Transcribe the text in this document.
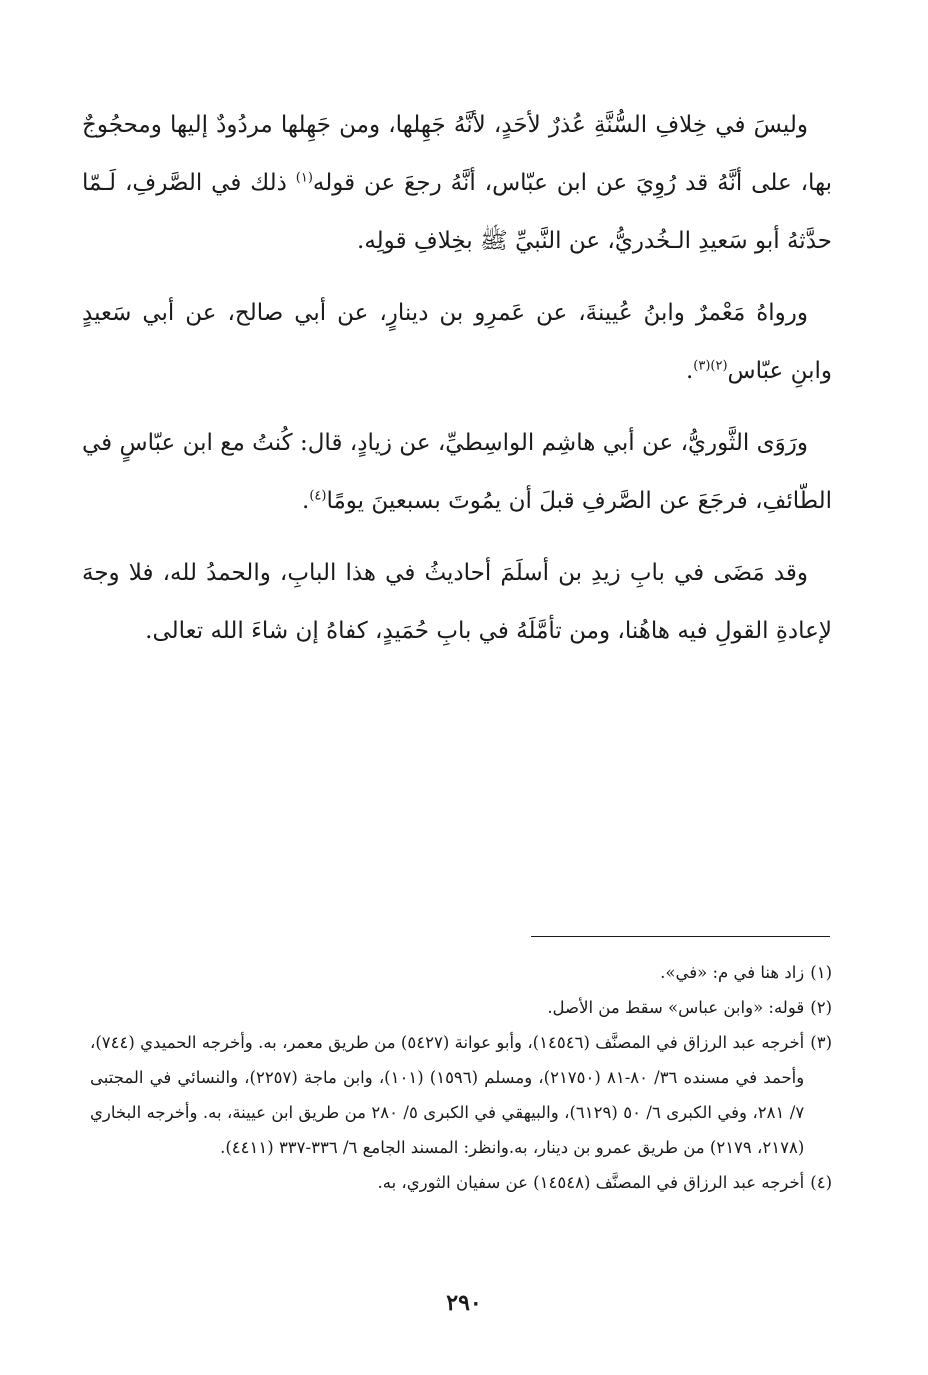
وليسَ في خِلافِ السُّنَّةِ عُذرٌ لأحَدٍ، لأنَّهُ جَهِلها، ومن جَهِلها مردُودٌ إليها ومحجُوجٌ بها، على أنَّهُ قد رُوِيَ عن ابن عبّاس، أنَّهُ رجعَ عن قوله$^{(١)}$ ذلك في الصَّرفِ، لَـمّا حدَّثهُ أبو سَعيدِ الـخُدريُّ، عن النَّبيِّ ﷺ بخِلافِ قولِه.

ورواهُ مَعْمرٌ وابنُ عُيينةَ، عن عَمرِو بن دينارٍ، عن أبي صالح، عن أبي سَعيدٍ وابنِ عبّاس$^{(٢)(٣)}$.

ورَوَى الثَّوريُّ، عن أبي هاشِم الواسِطيِّ، عن زيادٍ، قال: كُنتُ مع ابن عبّاسٍ في الطّائفِ، فرجَعَ عن الصَّرفِ قبلَ أن يمُوتَ بسبعينَ يومًا$^{(٤)}$.

وقد مَضَى في بابِ زيدِ بن أسلَمَ أحاديثُ في هذا البابِ، والحمدُ لله، فلا وجهَ لإعادةِ القولِ فيه هاهُنا، ومن تأمَّلَهُ في بابِ حُمَيدٍ، كفاهُ إن شاءَ الله تعالى.

(١)
زاد هنا في م: «في».
(٢)
قوله: «وابن عباس» سقط من الأصل.
(٣)
أخرجه عبد الرزاق في المصنَّف (١٤٥٤٦)، وأبو عوانة (٥٤٢٧) من طريق معمر، به. وأخرجه الحميدي (٧٤٤)، وأحمد في مسنده ٣٦/ ٨٠-٨١ (٢١٧٥٠)، ومسلم (١٥٩٦) (١٠١)، وابن ماجة (٢٢٥٧)، والنسائي في المجتبى ٧/ ٢٨١، وفي الكبرى ٦/ ٥٠ (٦١٢٩)، والبيهقي في الكبرى ٥/ ٢٨٠ من طريق ابن عيينة، به. وأخرجه البخاري (٢١٧٨، ٢١٧٩) من طريق عمرو بن دينار، به.وانظر: المسند الجامع ٦/ ٣٣٦-٣٣٧ (٤٤١١).
(٤)
أخرجه عبد الرزاق في المصنَّف (١٤٥٤٨) عن سفيان الثوري، به.
٢٩٠
